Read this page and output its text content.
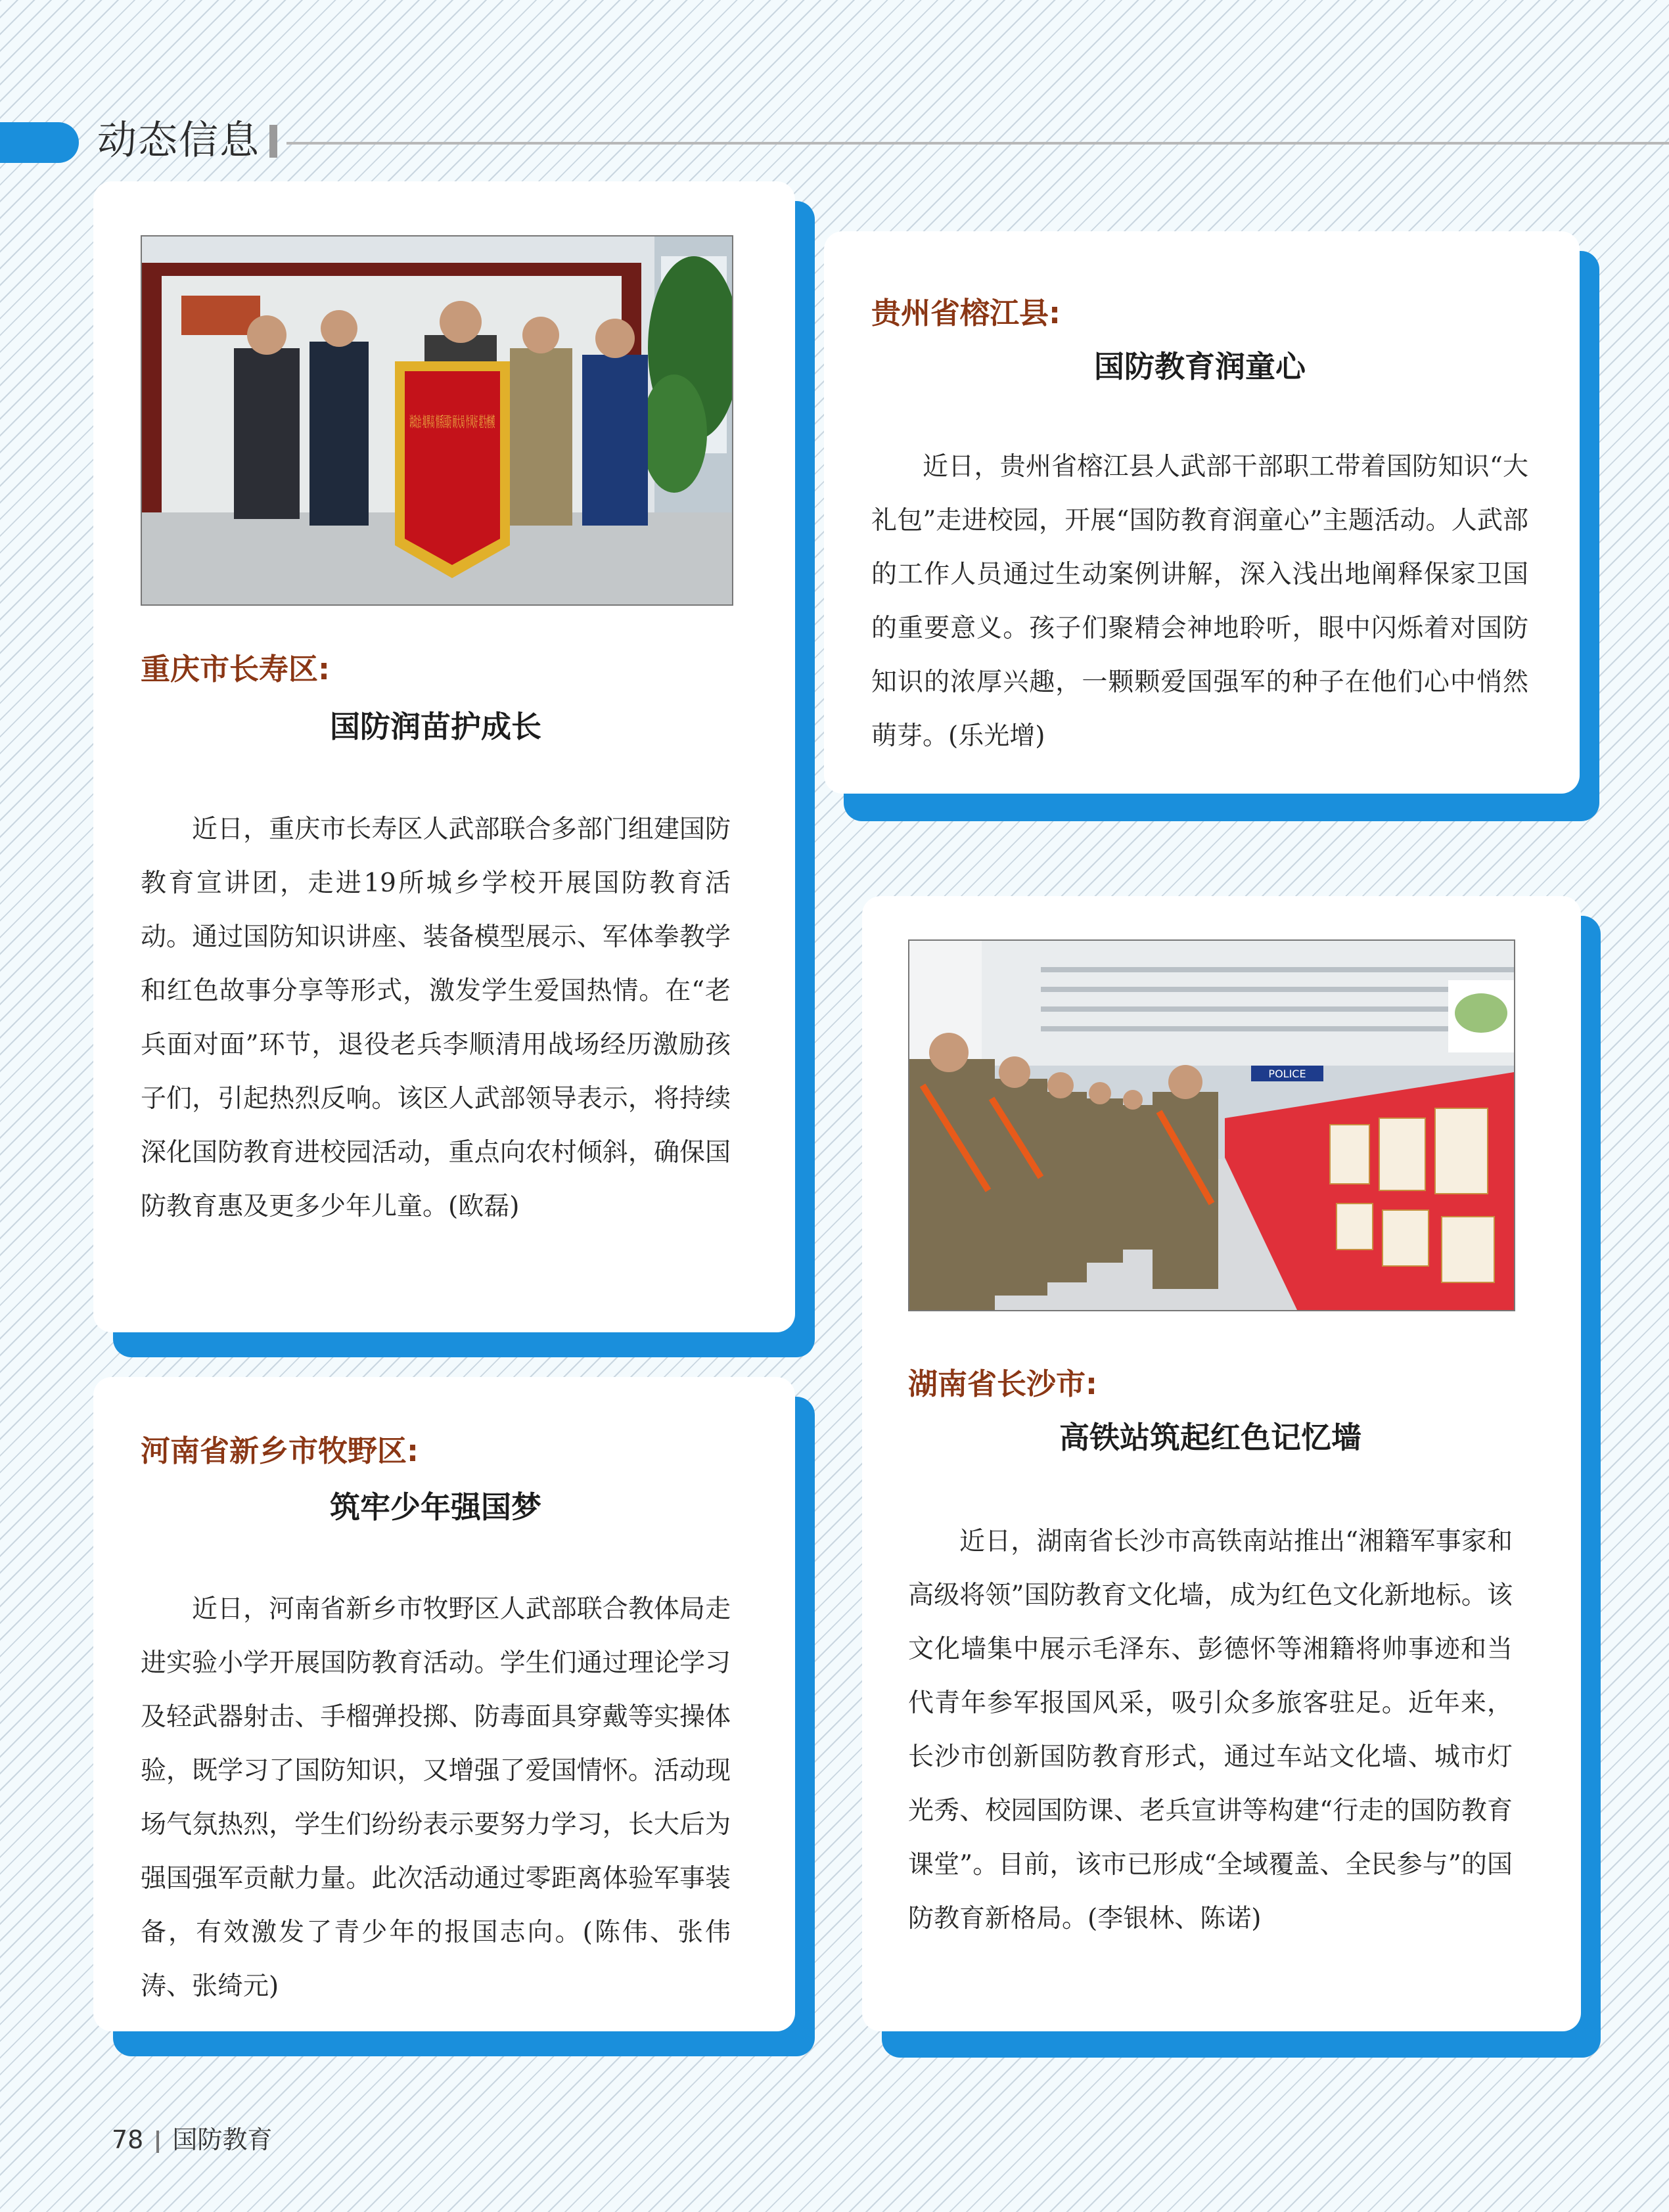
动态信息
讲政治 境界高 情系国防 顾大局 作风好 堪为楷模
重庆市长寿区:
国防润苗护成长

近日，重庆市长寿区人武部联合多部门组建国防教育宣讲团，走进19所城乡学校开展国防教育活动。通过国防知识讲座、装备模型展示、军体拳教学和红色故事分享等形式，激发学生爱国热情。在“老兵面对面”环节，退役老兵李顺清用战场经历激励孩子们，引起热烈反响。该区人武部领导表示，将持续深化国防教育进校园活动，重点向农村倾斜，确保国防教育惠及更多少年儿童。(欧磊)

贵州省榕江县:
国防教育润童心

近日，贵州省榕江县人武部干部职工带着国防知识“大礼包”走进校园，开展“国防教育润童心”主题活动。人武部的工作人员通过生动案例讲解，深入浅出地阐释保家卫国的重要意义。孩子们聚精会神地聆听，眼中闪烁着对国防知识的浓厚兴趣，一颗颗爱国强军的种子在他们心中悄然萌芽。(乐光增)

河南省新乡市牧野区:
筑牢少年强国梦

近日，河南省新乡市牧野区人武部联合教体局走进实验小学开展国防教育活动。学生们通过理论学习及轻武器射击、手榴弹投掷、防毒面具穿戴等实操体验，既学习了国防知识，又增强了爱国情怀。活动现场气氛热烈，学生们纷纷表示要努力学习，长大后为强国强军贡献力量。此次活动通过零距离体验军事装备，有效激发了青少年的报国志向。(陈伟、张伟涛、张绮元)

POLICE
湖南省长沙市:
高铁站筑起红色记忆墙

近日，湖南省长沙市高铁南站推出“湘籍军事家和高级将领”国防教育文化墙，成为红色文化新地标。该文化墙集中展示毛泽东、彭德怀等湘籍将帅事迹和当代青年参军报国风采，吸引众多旅客驻足。近年来，长沙市创新国防教育形式，通过车站文化墙、城市灯光秀、校园国防课、老兵宣讲等构建“行走的国防教育课堂”。目前，该市已形成“全域覆盖、全民参与”的国防教育新格局。(李银林、陈诺)

78 国防教育
